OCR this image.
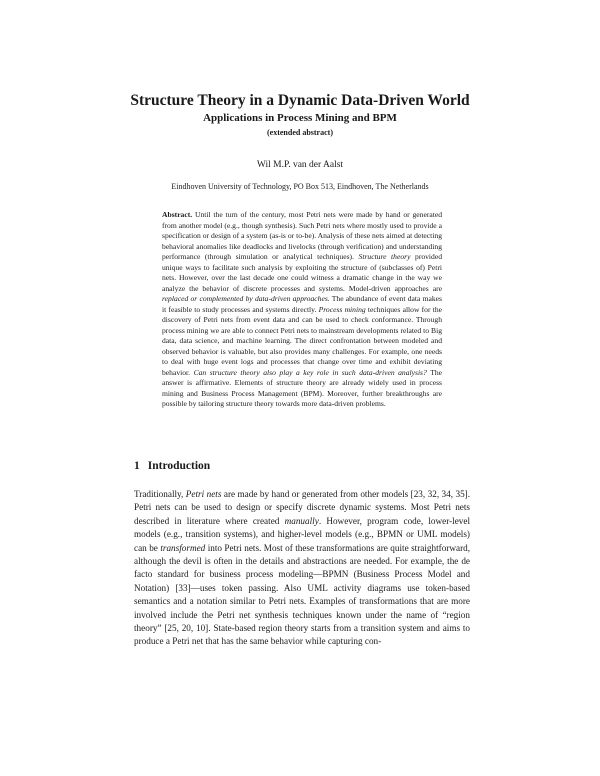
Structure Theory in a Dynamic Data-Driven World
Applications in Process Mining and BPM

(extended abstract)

Wil M.P. van der Aalst

Eindhoven University of Technology, PO Box 513, Eindhoven, The Netherlands

Abstract. Until the turn of the century, most Petri nets were made by hand or generated from another model (e.g., though synthesis). Such Petri nets where mostly used to provide a specification or design of a system (as-is or to-be). Analysis of these nets aimed at detecting behavioral anomalies like deadlocks and livelocks (through verification) and understanding performance (through simulation or analytical techniques). Structure theory provided unique ways to facilitate such analysis by exploiting the structure of (subclasses of) Petri nets. However, over the last decade one could witness a dramatic change in the way we analyze the behavior of discrete processes and systems. Model-driven approaches are replaced or complemented by data-driven approaches. The abundance of event data makes it feasible to study processes and systems directly. Process mining techniques allow for the discovery of Petri nets from event data and can be used to check conformance. Through process mining we are able to connect Petri nets to mainstream developments related to Big data, data science, and machine learning. The direct confrontation between modeled and observed behavior is valuable, but also provides many challenges. For example, one needs to deal with huge event logs and processes that change over time and exhibit deviating behavior. Can structure theory also play a key role in such data-driven analysis? The answer is affirmative. Elements of structure theory are already widely used in process mining and Business Process Management (BPM). Moreover, further breakthroughs are possible by tailoring structure theory towards more data-driven problems.

1 Introduction

Traditionally, Petri nets are made by hand or generated from other models [23, 32, 34, 35]. Petri nets can be used to design or specify discrete dynamic systems. Most Petri nets described in literature where created manually. However, program code, lower-level models (e.g., transition systems), and higher-level models (e.g., BPMN or UML models) can be transformed into Petri nets. Most of these transformations are quite straightforward, although the devil is often in the details and abstractions are needed. For example, the de facto standard for business process modeling—BPMN (Business Process Model and Notation) [33]—uses token passing. Also UML activity diagrams use token-based semantics and a notation similar to Petri nets. Examples of transformations that are more involved include the Petri net synthesis techniques known under the name of “region theory” [25, 20, 10]. State-based region theory starts from a transition system and aims to produce a Petri net that has the same behavior while capturing con-
